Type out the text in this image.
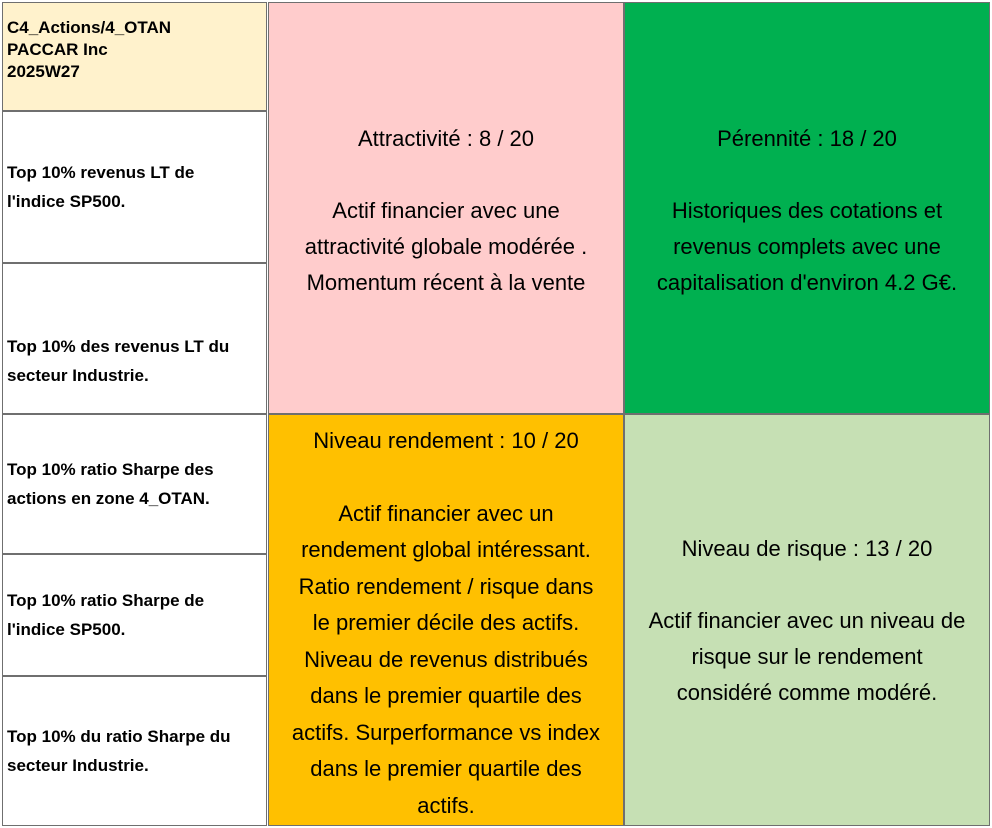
C4_Actions/4_OTAN
PACCAR Inc
2025W27
Top 10% revenus LT de
l'indice SP500.
Top 10% des revenus LT du
secteur Industrie.
Top 10% ratio Sharpe des
actions en zone 4_OTAN.
Top 10% ratio Sharpe de
l'indice SP500.
Top 10% du ratio Sharpe du
secteur Industrie.
Attractivité : 8 / 20
Actif financier avec une
attractivité globale modérée .
Momentum récent à la vente
Pérennité : 18 / 20
Historiques des cotations et
revenus complets avec une
capitalisation d'environ 4.2 G€.
Niveau rendement : 10 / 20
Actif financier avec un
rendement global intéressant.
Ratio rendement / risque dans
le premier décile des actifs.
Niveau de revenus distribués
dans le premier quartile des
actifs. Surperformance vs index
dans le premier quartile des
actifs.
Niveau de risque : 13 / 20
Actif financier avec un niveau de
risque sur le rendement
considéré comme modéré.
